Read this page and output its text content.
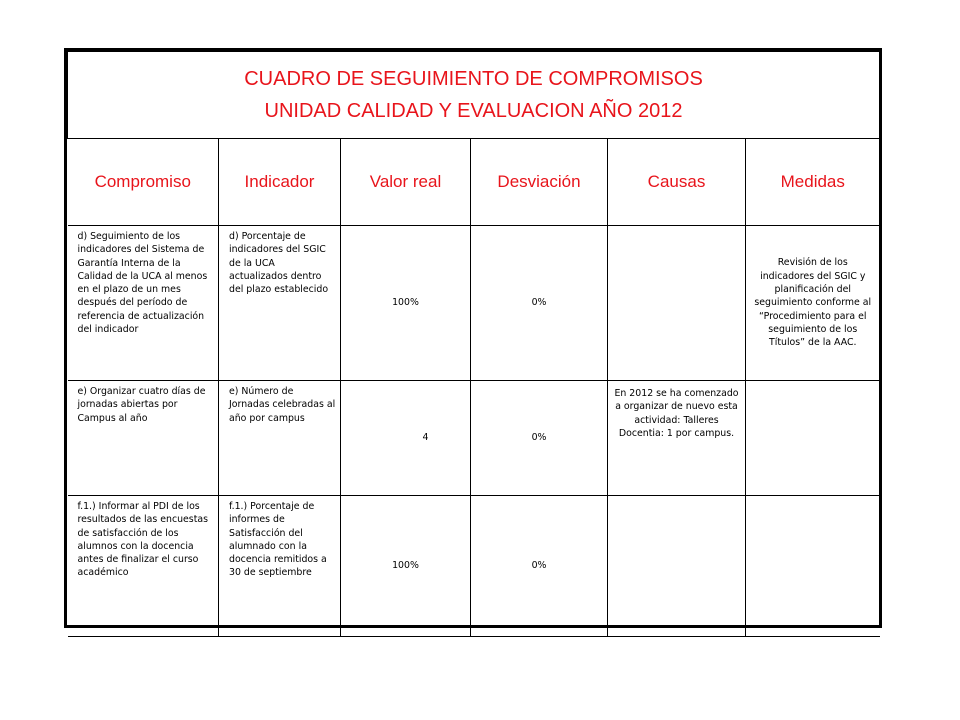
CUADRO DE SEGUIMIENTO DE COMPROMISOS
UNIDAD CALIDAD Y EVALUACION AÑO 2012					

Compromiso	Indicador	Valor real	Desviación	Causas	Medidas
d) Seguimiento de los indicadores del Sistema de Garantía Interna de la Calidad de la UCA al menos en el plazo de un mes después del período de referencia de actualización del indicador	d) Porcentaje de indicadores del SGIC de la UCA actualizados dentro del plazo establecido	100%	0%		Revisión de los indicadores del SGIC y planificación del seguimiento conforme al “Procedimiento para el seguimiento de los Títulos” de la AAC.
e) Organizar cuatro días de jornadas abiertas por Campus al año	e) Número de Jornadas celebradas al año por campus	4	0%	En 2012 se ha comenzado a organizar de nuevo esta actividad: Talleres Docentia: 1 por campus.	
f.1.) Informar al PDI de los resultados de las encuestas de satisfacción de los alumnos con la docencia antes de finalizar el curso académico	f.1.) Porcentaje de informes de Satisfacción del alumnado con la docencia remitidos a 30 de septiembre	100%	0%		
